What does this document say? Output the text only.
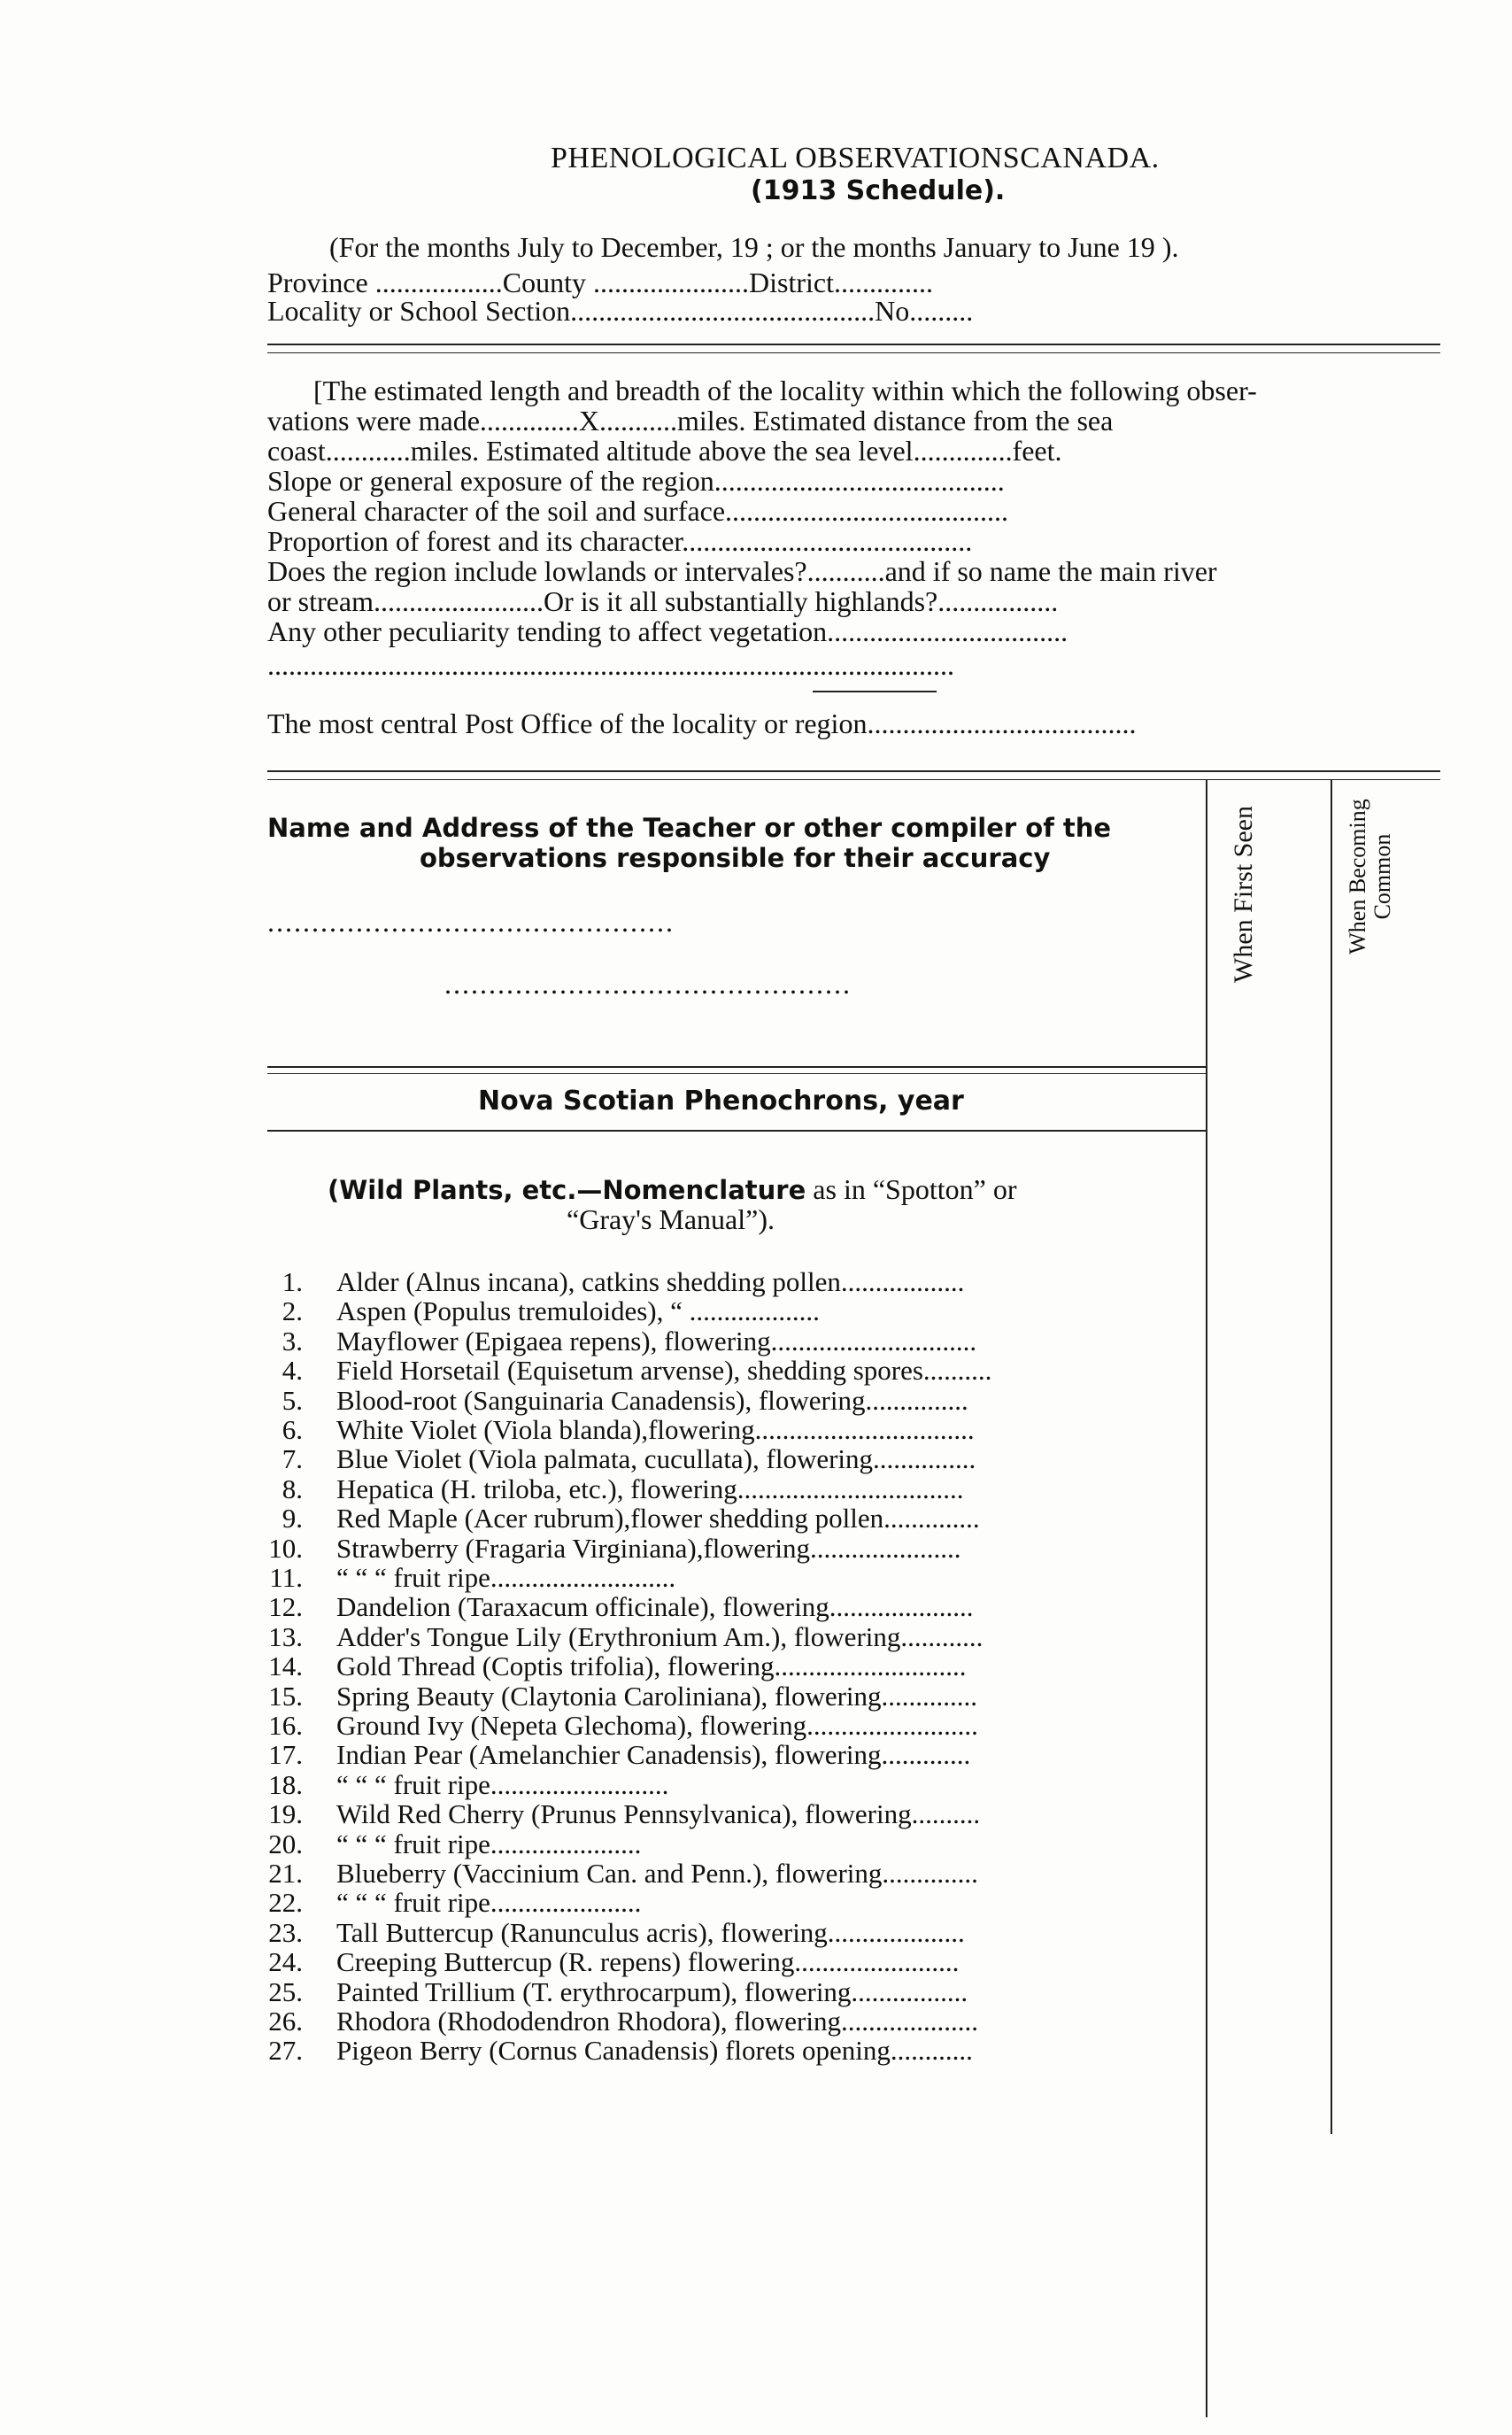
PHENOLOGICAL OBSERVATIONSCANADA.
(1913 Schedule).
(For the months July to December, 19 ; or the months January to June 19 ).
Province ..................County ......................District..............
Locality or School Section...........................................No.........
[The estimated length and breadth of the locality within which the following obser-
vations were made..............X...........miles. Estimated distance from the sea
coast............miles. Estimated altitude above the sea level..............feet.
Slope or general exposure of the region.........................................
General character of the soil and surface........................................
Proportion of forest and its character.........................................
Does the region include lowlands or intervales?...........and if so name the main river
or stream........................Or is it all substantially highlands?.................
Any other peculiarity tending to affect vegetation..................................
.................................................................................................
The most central Post Office of the locality or region......................................
Name and Address of the Teacher or other compiler of the
observations responsible for their accuracy
..............................................
..............................................
When First Seen	When Becoming Common
Nova Scotian Phenochrons, year
(Wild Plants, etc.—Nomenclature as in “Spotton” or
“Gray's Manual”).
1. Alder (Alnus incana), catkins shedding pollen..................
2. Aspen (Populus tremuloides), “ ...................
3. Mayflower (Epigaea repens), flowering..............................
4. Field Horsetail (Equisetum arvense), shedding spores..........
5. Blood-root (Sanguinaria Canadensis), flowering...............
6. White Violet (Viola blanda),flowering................................
7. Blue Violet (Viola palmata, cucullata), flowering...............
8. Hepatica (H. triloba, etc.), flowering.................................
9. Red Maple (Acer rubrum),flower shedding pollen..............
10. Strawberry (Fragaria Virginiana),flowering......................
11. “ “ “ fruit ripe...........................
12. Dandelion (Taraxacum officinale), flowering.....................
13. Adder's Tongue Lily (Erythronium Am.), flowering............
14. Gold Thread (Coptis trifolia), flowering............................
15. Spring Beauty (Claytonia Caroliniana), flowering..............
16. Ground Ivy (Nepeta Glechoma), flowering.........................
17. Indian Pear (Amelanchier Canadensis), flowering.............
18. “ “ “ fruit ripe..........................
19. Wild Red Cherry (Prunus Pennsylvanica), flowering..........
20. “ “ “ fruit ripe......................
21. Blueberry (Vaccinium Can. and Penn.), flowering..............
22. “ “ “ fruit ripe......................
23. Tall Buttercup (Ranunculus acris), flowering....................
24. Creeping Buttercup (R. repens) flowering........................
25. Painted Trillium (T. erythrocarpum), flowering.................
26. Rhodora (Rhododendron Rhodora), flowering....................
27. Pigeon Berry (Cornus Canadensis) florets opening............
